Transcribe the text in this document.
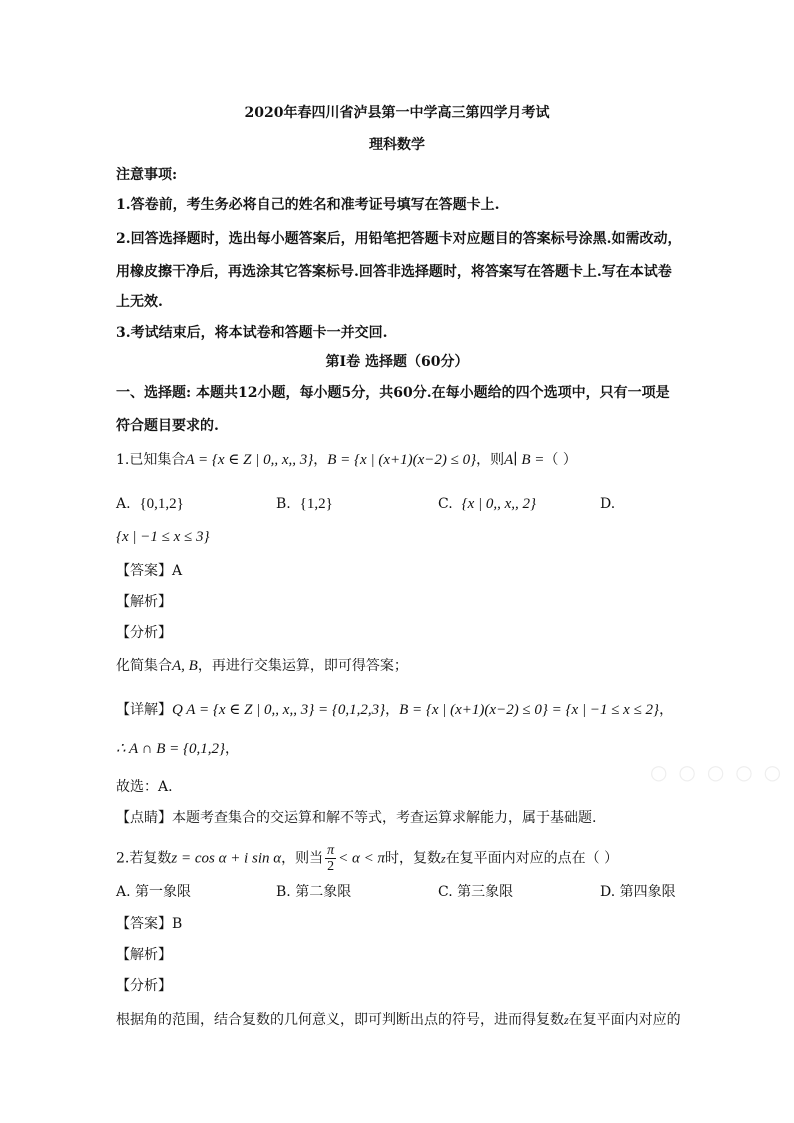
2020年春四川省泸县第一中学高三第四学月考试
理科数学
注意事项:
1.答卷前，考生务必将自己的姓名和准考证号填写在答题卡上.
2.回答选择题时，选出每小题答案后，用铅笔把答题卡对应题目的答案标号涂黑.如需改动，
用橡皮擦干净后，再选涂其它答案标号.回答非选择题时，将答案写在答题卡上.写在本试卷
上无效.
3.考试结束后，将本试卷和答题卡一并交回.
第I卷 选择题（60分）
一、选择题: 本题共12小题，每小题5分，共60分.在每小题给的四个选项中，只有一项是
符合题目要求的.
1.已知集合A = {x ∈ Z | 0,, x,, 3}，B = {x | (x+1)(x−2) ≤ 0}，则A∣ B =（ ）
A. {0,1,2}	B. {1,2}	C. {x | 0,, x,, 2}	D.
{x | −1 ≤ x ≤ 3}
【答案】A
【解析】
【分析】
化简集合A, B，再进行交集运算，即可得答案；
【详解】Q A = {x ∈ Z | 0,, x,, 3} = {0,1,2,3}，B = {x | (x+1)(x−2) ≤ 0} = {x | −1 ≤ x ≤ 2}，
∴ A ∩ B = {0,1,2}，
故选：A.
【点睛】本题考查集合的交运算和解不等式，考查运算求解能力，属于基础题.
2.若复数z = cos α + i sin α，则当 $\frac{\pi}{2} < \alpha < \pi$时，复数z在复平面内对应的点在（ ）
A. 第一象限	B. 第二象限	C. 第三象限	D. 第四象限
【答案】B
【解析】
【分析】
根据角的范围，结合复数的几何意义，即可判断出点的符号，进而得复数z在复平面内对应的
○ ○ ○ ○ ○
